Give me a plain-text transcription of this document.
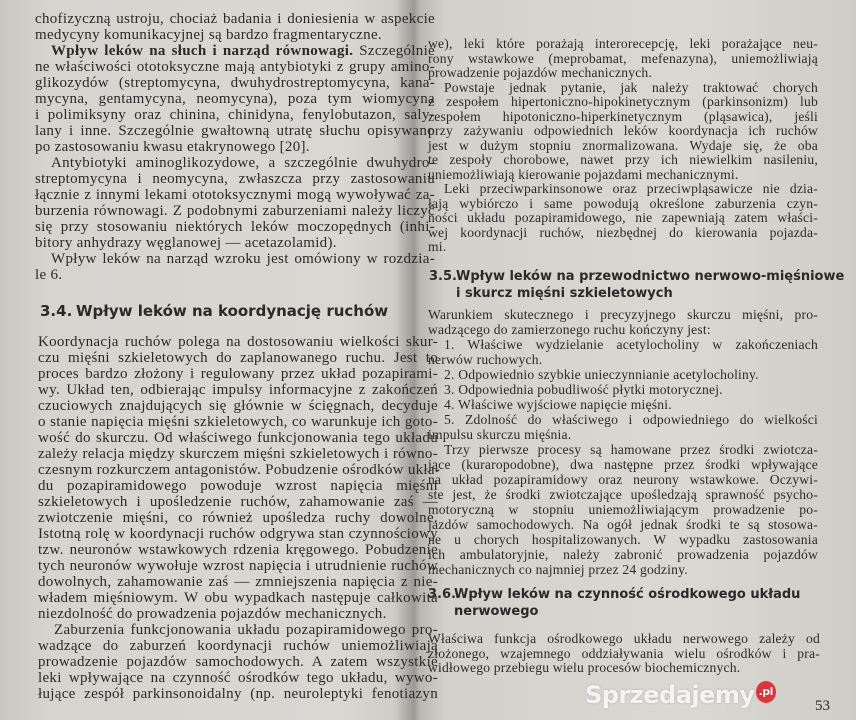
chofizyczną ustroju, chociaż badania i doniesienia w aspekcie
medycyny komunikacyjnej są bardzo fragmentaryczne.
Wpływ leków na słuch i narząd równowagi. Szczególnie
ne właściwości ototoksyczne mają antybiotyki z grupy amino-
glikozydów (streptomycyna, dwuhydrostreptomycyna, kana-
mycyna, gentamycyna, neomycyna), poza tym wiomycyna
i polimiksyny oraz chinina, chinidyna, fenylobutazon, saly-
lany i inne. Szczególnie gwałtowną utratę słuchu opisywano
po zastosowaniu kwasu etakrynowego [20].
Antybiotyki aminoglikozydowe, a szczególnie dwuhydro-
streptomycyna i neomycyna, zwłaszcza przy zastosowaniu
łącznie z innymi lekami ototoksycznymi mogą wywoływać za-
burzenia równowagi. Z podobnymi zaburzeniami należy liczyć
się przy stosowaniu niektórych leków moczopędnych (inhi-
bitory anhydrazy węglanowej — acetazolamid).
Wpływ leków na narząd wzroku jest omówiony w rozdzia-
le 6.
3.4. Wpływ leków na koordynację ruchów
Koordynacja ruchów polega na dostosowaniu wielkości skur-
czu mięśni szkieletowych do zaplanowanego ruchu. Jest to
proces bardzo złożony i regulowany przez układ pozapirami-
wy. Układ ten, odbierając impulsy informacyjne z zakończeń
czuciowych znajdujących się głównie w ścięgnach, decyduje
o stanie napięcia mięśni szkieletowych, co warunkuje ich goto-
wość do skurczu. Od właściwego funkcjonowania tego układu
zależy relacja między skurczem mięśni szkieletowych i równo-
czesnym rozkurczem antagonistów. Pobudzenie ośrodków ukła-
du pozapiramidowego powoduje wzrost napięcia mięśni
szkieletowych i upośledzenie ruchów, zahamowanie zaś —
zwiotczenie mięśni, co również upośledza ruchy dowolne.
Istotną rolę w koordynacji ruchów odgrywa stan czynnościowy
tzw. neuronów wstawkowych rdzenia kręgowego. Pobudzenie
tych neuronów wywołuje wzrost napięcia i utrudnienie ruchów
dowolnych, zahamowanie zaś — zmniejszenia napięcia z nie-
władem mięśniowym. W obu wypadkach następuje całkowita
niezdolność do prowadzenia pojazdów mechanicznych.
Zaburzenia funkcjonowania układu pozapiramidowego pro-
wadzące do zaburzeń koordynacji ruchów uniemożliwiają
prowadzenie pojazdów samochodowych. A zatem wszystkie
leki wpływające na czynność ośrodków tego układu, wywo-
łujące zespół parkinsonoidalny (np. neuroleptyki fenotiazyn
we), leki które porażają interorecepcję, leki porażające neu-
rony wstawkowe (meprobamat, mefenazyna), uniemożliwiają
prowadzenie pojazdów mechanicznych.
Powstaje jednak pytanie, jak należy traktować chorych
z zespołem hipertoniczno-hipokinetycznym (parkinsonizm) lub
zespołem hipotoniczno-hiperkinetycznym (pląsawica), jeśli
przy zażywaniu odpowiednich leków koordynacja ich ruchów
jest w dużym stopniu znormalizowana. Wydaje się, że oba
te zespoły chorobowe, nawet przy ich niewielkim nasileniu,
uniemożliwiają kierowanie pojazdami mechanicznymi.
Leki przeciwparkinsonowe oraz przeciwpląsawicze nie dzia-
łają wybiórczo i same powodują określone zaburzenia czyn-
ności układu pozapiramidowego, nie zapewniają zatem właści-
wej koordynacji ruchów, niezbędnej do kierowania pojazda-
mi.
3.5.Wpływ leków na przewodnictwo nerwowo-mięśniowe
i skurcz mięśni szkieletowych
Warunkiem skutecznego i precyzyjnego skurczu mięśni, pro-
wadzącego do zamierzonego ruchu kończyny jest:
1. Właściwe wydzielanie acetylocholiny w zakończeniach
nerwów ruchowych.
2. Odpowiednio szybkie unieczynnianie acetylocholiny.
3. Odpowiednia pobudliwość płytki motorycznej.
4. Właściwe wyjściowe napięcie mięśni.
5. Zdolność do właściwego i odpowiedniego do wielkości
impulsu skurczu mięśnia.
Trzy pierwsze procesy są hamowane przez środki zwiotcza-
jące (kuraropodobne), dwa następne przez środki wpływające
na układ pozapiramidowy oraz neurony wstawkowe. Oczywi-
ste jest, że środki zwiotczające upośledzają sprawność psycho-
motoryczną w stopniu uniemożliwiającym prowadzenie po-
jazdów samochodowych. Na ogół jednak środki te są stosowa-
ne u chorych hospitalizowanych. W wypadku zastosowania
ich ambulatoryjnie, należy zabronić prowadzenia pojazdów
mechanicznych co najmniej przez 24 godziny.
3.6.Wpływ leków na czynność ośrodkowego układu
nerwowego
Właściwa funkcja ośrodkowego układu nerwowego zależy od
złożonego, wzajemnego oddziaływania wielu ośrodków i pra-
widłowego przebiegu wielu procesów biochemicznych.
53
Sprzedajemy .pl
